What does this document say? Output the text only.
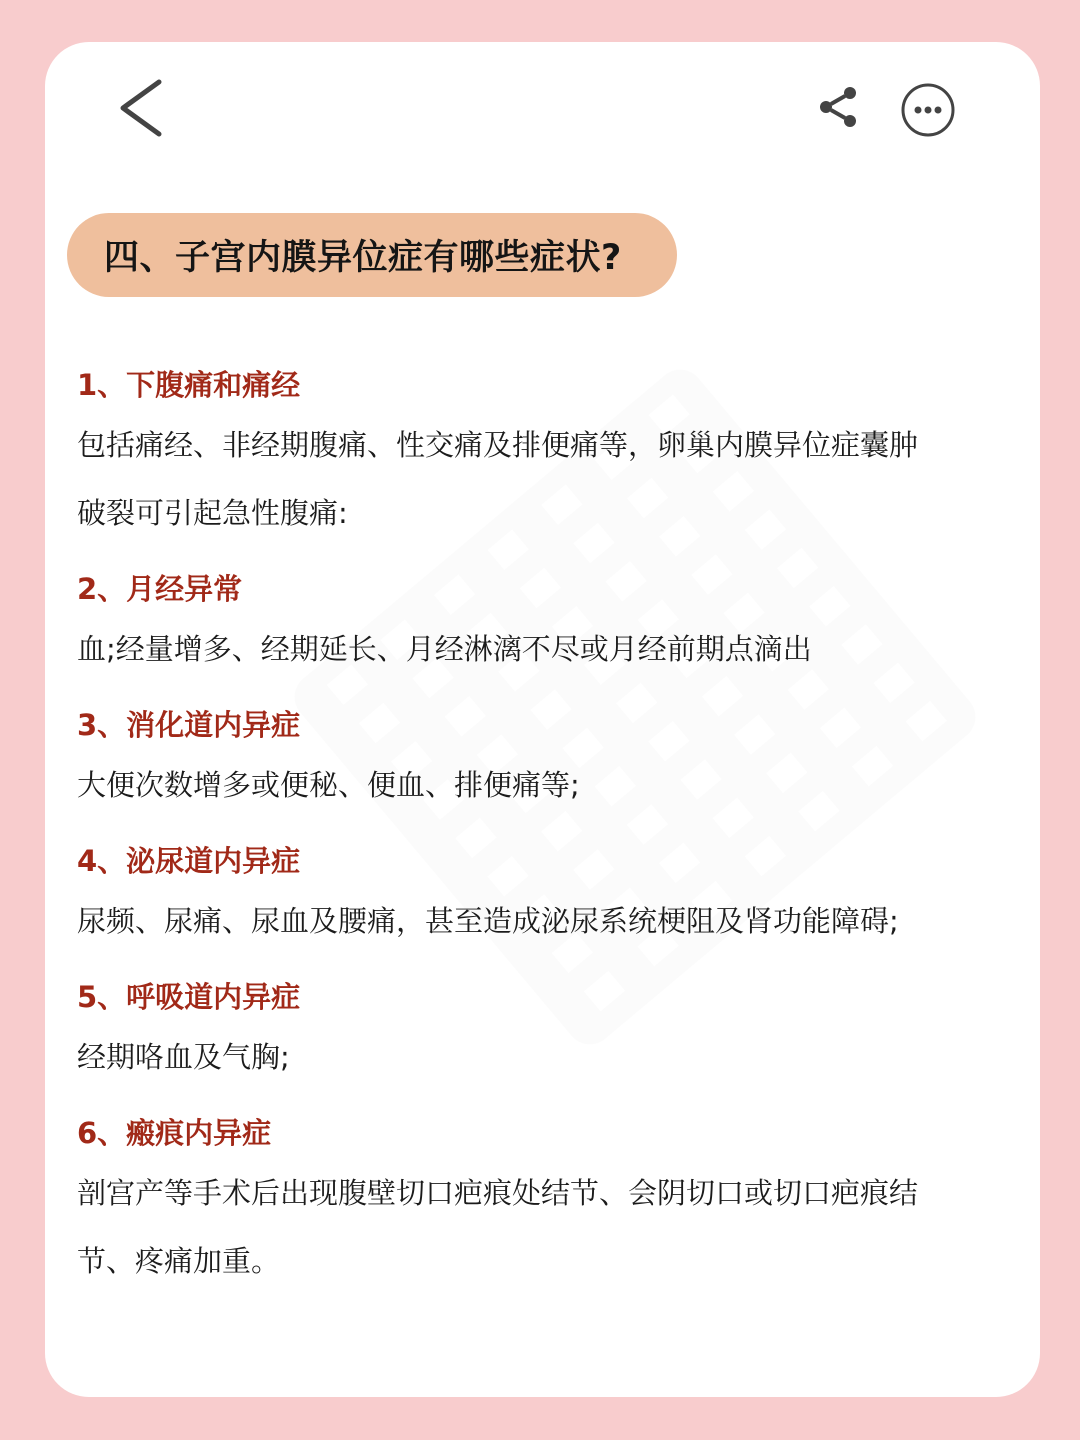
四、子宫内膜异位症有哪些症状?
1、下腹痛和痛经
包括痛经、非经期腹痛、性交痛及排便痛等，卵巢内膜异位症囊肿
破裂可引起急性腹痛:
2、月经异常
血;经量增多、经期延长、月经淋漓不尽或月经前期点滴出
3、消化道内异症
大便次数增多或便秘、便血、排便痛等;
4、泌尿道内异症
尿频、尿痛、尿血及腰痛，甚至造成泌尿系统梗阻及肾功能障碍;
5、呼吸道内异症
经期咯血及气胸;
6、瘢痕内异症
剖宫产等手术后出现腹壁切口疤痕处结节、会阴切口或切口疤痕结
节、疼痛加重。
